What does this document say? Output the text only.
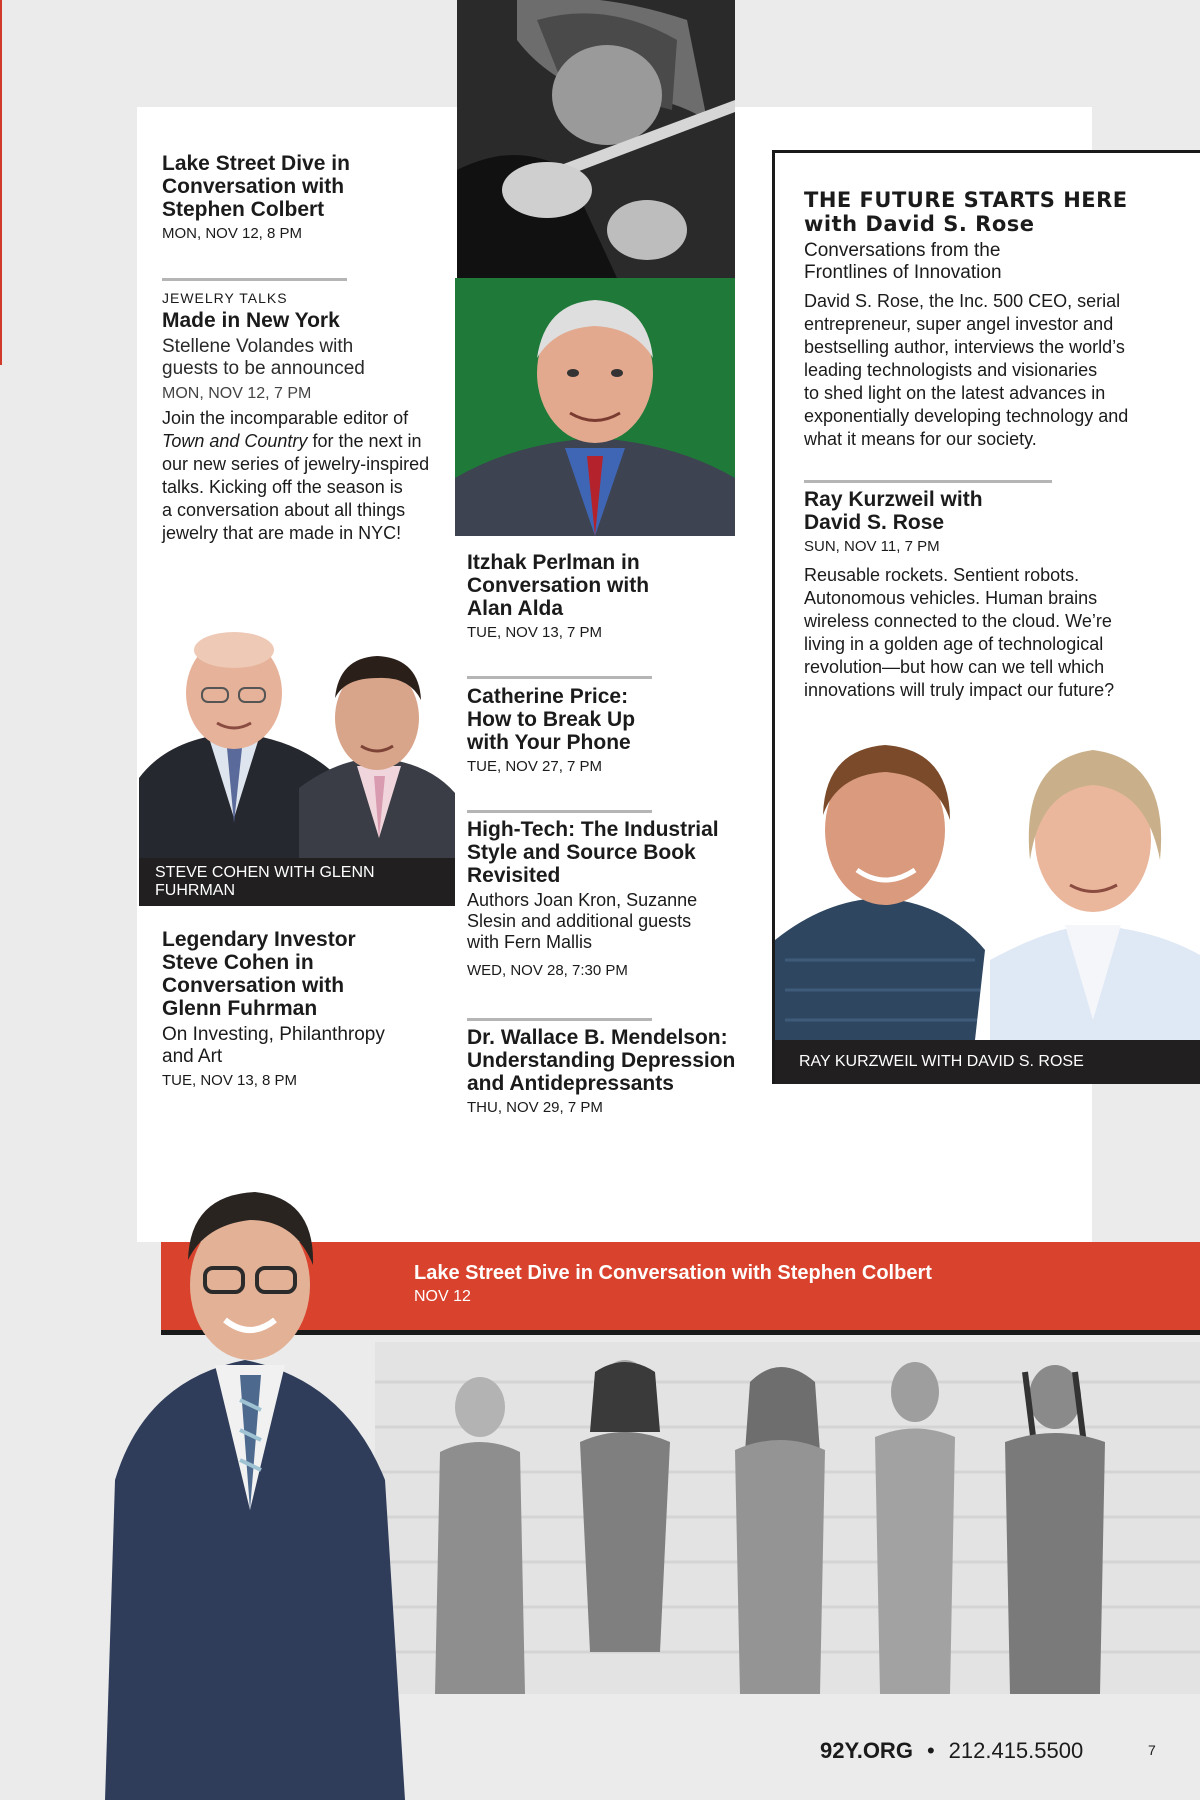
Lake Street Dive in
Conversation with
Stephen Colbert
MON, NOV 12, 8 PM
JEWELRY TALKS
Made in New York
Stellene Volandes with
guests to be announced
MON, NOV 12, 7 PM
Join the incomparable editor of
Town and Country for the next in
our new series of jewelry-inspired
talks. Kicking off the season is
a conversation about all things
jewelry that are made in NYC!
STEVE COHEN WITH GLENN FUHRMAN
Legendary Investor
Steve Cohen in
Conversation with
Glenn Fuhrman
On Investing, Philanthropy
and Art
TUE, NOV 13, 8 PM
Itzhak Perlman in
Conversation with
Alan Alda
TUE, NOV 13, 7 PM
Catherine Price:
How to Break Up
with Your Phone
TUE, NOV 27, 7 PM
High-Tech: The Industrial
Style and Source Book
Revisited
Authors Joan Kron, Suzanne
Slesin and additional guests
with Fern Mallis
WED, NOV 28, 7:30 PM
Dr. Wallace B. Mendelson:
Understanding Depression
and Antidepressants
THU, NOV 29, 7 PM
THE FUTURE STARTS HERE
with David S. Rose
Conversations from the
Frontlines of Innovation
David S. Rose, the Inc. 500 CEO, serial
entrepreneur, super angel investor and
bestselling author, interviews the world’s
leading technologists and visionaries
to shed light on the latest advances in
exponentially developing technology and
what it means for our society.
Ray Kurzweil with
David S. Rose
SUN, NOV 11, 7 PM
Reusable rockets. Sentient robots.
Autonomous vehicles. Human brains
wireless connected to the cloud. We’re
living in a golden age of technological
revolution—but how can we tell which
innovations will truly impact our future?
RAY KURZWEIL WITH DAVID S. ROSE
Lake Street Dive in Conversation with Stephen Colbert
NOV 12
92Y.ORG • 212.415.5500	7
